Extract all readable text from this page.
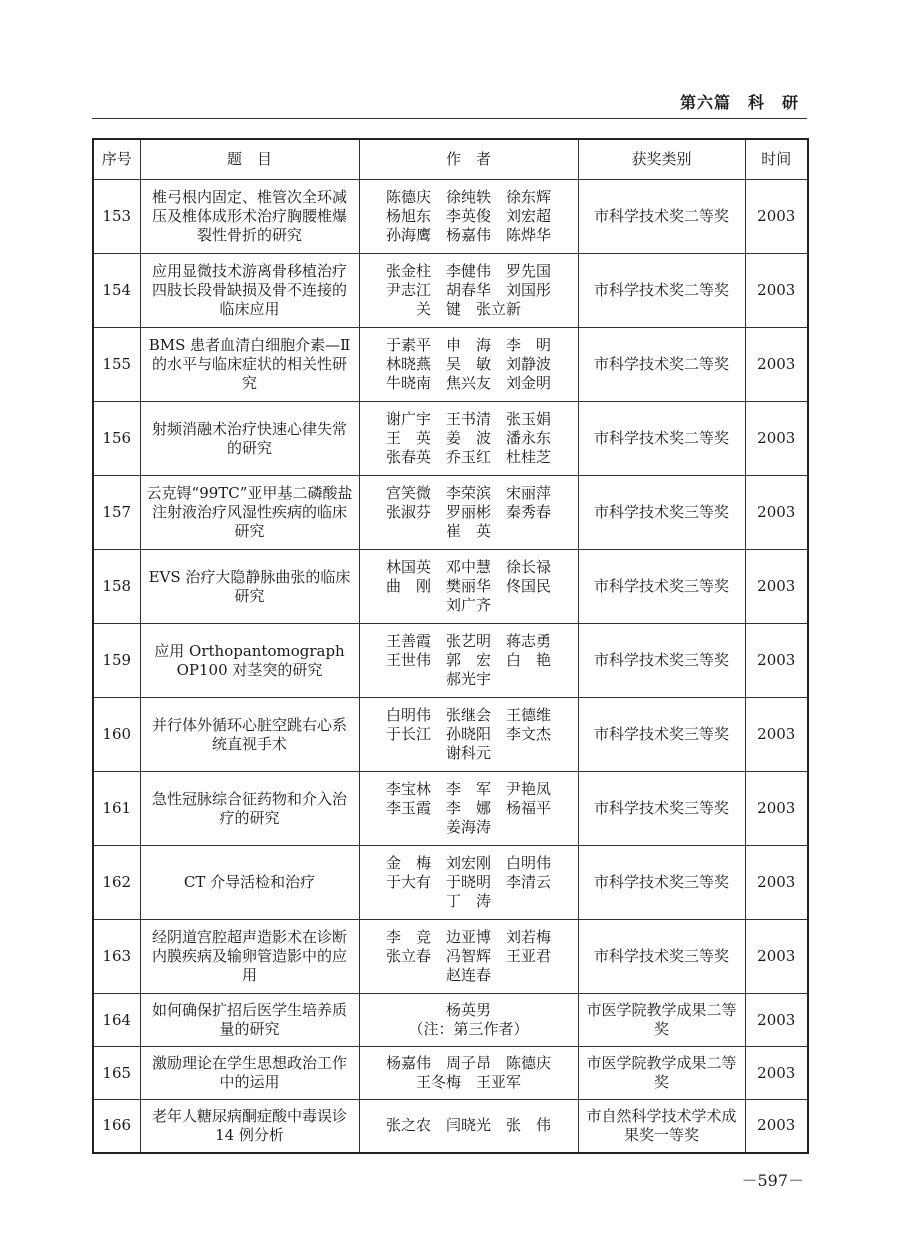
第六篇　科　研
序号	题　目	作　者	获奖类别	时间
153	椎弓根内固定、椎管次全环减压及椎体成形术治疗胸腰椎爆裂性骨折的研究	陈德庆　徐纯轶　徐东辉
杨旭东　李英俊　刘宏超
孙海鹰　杨嘉伟　陈烨华	市科学技术奖二等奖	2003
154	应用显微技术游离骨移植治疗四肢长段骨缺损及骨不连接的临床应用	张金柱　李健伟　罗先国
尹志江　胡春华　刘国彤
关　键　张立新	市科学技术奖二等奖	2003
155	BMS 患者血清白细胞介素—Ⅱ的水平与临床症状的相关性研究	于素平　申　海　李　明
林晓燕　吴　敏　刘静波
牛晓南　焦兴友　刘金明	市科学技术奖二等奖	2003
156	射频消融术治疗快速心律失常的研究	谢广宇　王书清　张玉娟
王　英　姜　波　潘永东
张春英　乔玉红　杜桂芝	市科学技术奖二等奖	2003
157	云克锝“99TC”亚甲基二磷酸盐注射液治疗风湿性疾病的临床研究	宫笑微　李荣滨　宋丽萍
张淑芬　罗丽彬　秦秀春
崔　英	市科学技术奖三等奖	2003
158	EVS 治疗大隐静脉曲张的临床研究	林国英　邓中慧　徐长禄
曲　刚　樊丽华　佟国民
刘广齐	市科学技术奖三等奖	2003
159	应用 Orthopantomograph OP100 对茎突的研究	王善霞　张艺明　蒋志勇
王世伟　郭　宏　白　艳
郝光宇	市科学技术奖三等奖	2003
160	并行体外循环心脏空跳右心系统直视手术	白明伟　张继会　王德维
于长江　孙晓阳　李文杰
谢科元	市科学技术奖三等奖	2003
161	急性冠脉综合征药物和介入治疗的研究	李宝林　李　军　尹艳凤
李玉霞　李　娜　杨福平
姜海涛	市科学技术奖三等奖	2003
162	CT 介导活检和治疗	金　梅　刘宏刚　白明伟
于大有　于晓明　李清云
丁　涛	市科学技术奖三等奖	2003
163	经阴道宫腔超声造影术在诊断内膜疾病及输卵管造影中的应用	李　竞　边亚博　刘若梅
张立春　冯智辉　王亚君
赵连春	市科学技术奖三等奖	2003
164	如何确保扩招后医学生培养质量的研究	杨英男
（注：第三作者）	市医学院教学成果二等奖	2003
165	激励理论在学生思想政治工作中的运用	杨嘉伟　周子昂　陈德庆
王冬梅　王亚军	市医学院教学成果二等奖	2003
166	老年人糖尿病酮症酸中毒误诊 14 例分析	张之农　闫晓光　张　伟	市自然科学技术学术成果奖一等奖	2003
－597－
